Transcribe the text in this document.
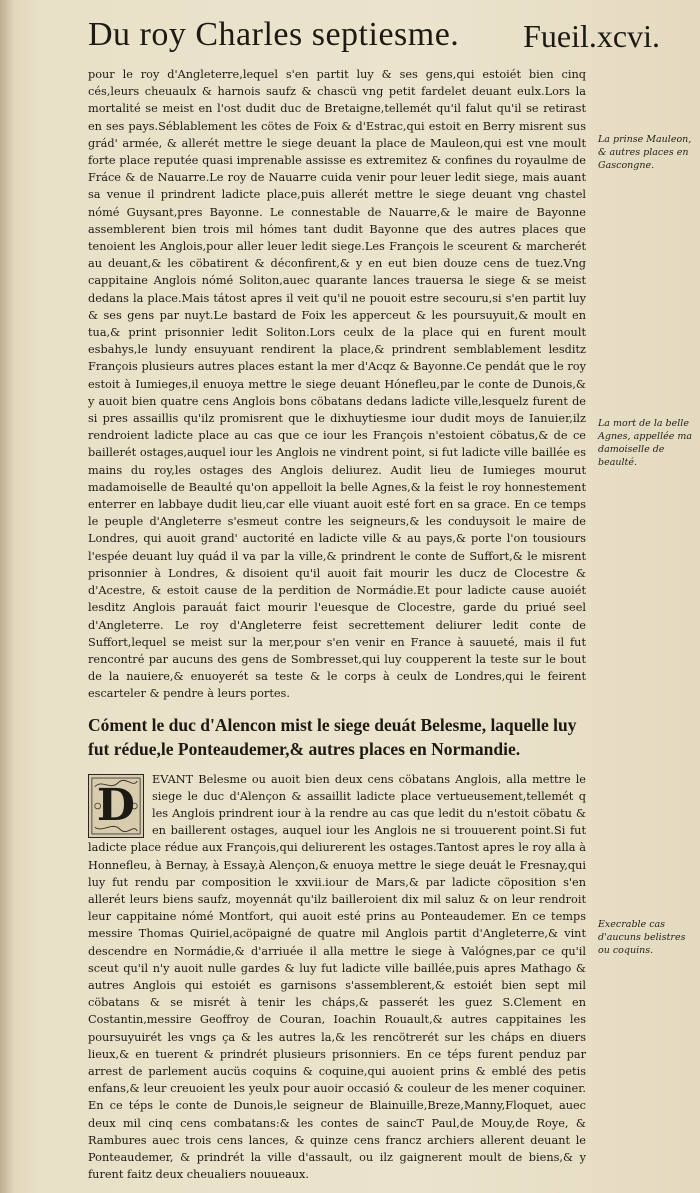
Du roy Charles septiesme. Fueil.xcvi.

pour le roy d'Angleterre,lequel s'en partit luy & ses gens,qui estoiét bien cinq cés,leurs cheuaulx & harnois saufz & chascü vng petit fardelet deuant eulx.Lors la mortalité se meist en l'ost dudit duc de Bretaigne,tellemét qu'il falut qu'il se retirast en ses pays.Séblablement les cötes de Foix & d'Estrac,qui estoit en Berry misrent sus grád' armée, & allerét mettre le siege deuant la place de Mauleon,qui est vne moult forte place reputée quasi imprenable assisse es extremitez & confines du royaulme de Fráce & de Nauarre.Le roy de Nauarre cuida venir pour leuer ledit siege, mais auant sa venue il prindrent ladicte place,puis allerét mettre le siege deuant vng chastel nómé Guysant,pres Bayonne. Le connestable de Nauarre,& le maire de Bayonne assemblerent bien trois mil hómes tant dudit Bayonne que des autres places que tenoient les Anglois,pour aller leuer ledit siege.Les François le sceurent & marcherét au deuant,& les cöbatirent & déconfirent,& y en eut bien douze cens de tuez.Vng cappitaine Anglois nómé Soliton,auec quarante lances trauersa le siege & se meist dedans la place.Mais tátost apres il veit qu'il ne pouoit estre secouru,si s'en partit luy & ses gens par nuyt.Le bastard de Foix les apperceut & les poursuyuit,& moult en tua,& print prisonnier ledit Soliton.Lors ceulx de la place qui en furent moult esbahys,le lundy ensuyuant rendirent la place,& prindrent semblablement lesditz François plusieurs autres places estant la mer d'Acqz & Bayonne.Ce pendát que le roy estoit à Iumieges,il enuoya mettre le siege deuant Hónefleu,par le conte de Dunois,& y auoit bien quatre cens Anglois bons cöbatans dedans ladicte ville,lesquelz furent de si pres assaillis qu'ilz promisrent que le dixhuytiesme iour dudit moys de Ianuier,ilz rendroient ladicte place au cas que ce iour les François n'estoient cöbatus,& de ce baillerét ostages,auquel iour les Anglois ne vindrent point, si fut ladicte ville baillée es mains du roy,les ostages des Anglois deliurez. Audit lieu de Iumieges mourut madamoiselle de Beaulté qu'on appelloit la belle Agnes,& la feist le roy honnestement enterrer en labbaye dudit lieu,car elle viuant auoit esté fort en sa grace. En ce temps le peuple d'Angleterre s'esmeut contre les seigneurs,& les conduysoit le maire de Londres, qui auoit grand' auctorité en ladicte ville & au pays,& porte l'on tousiours l'espée deuant luy quád il va par la ville,& prindrent le conte de Suffort,& le misrent prisonnier à Londres, & disoient qu'il auoit fait mourir les ducz de Clocestre & d'Acestre, & estoit cause de la perdition de Normádie.Et pour ladicte cause auoiét lesditz Anglois parauát faict mourir l'euesque de Clocestre, garde du priué seel d'Angleterre. Le roy d'Angleterre feist secrettement deliurer ledit conte de Suffort,lequel se meist sur la mer,pour s'en venir en France à sauueté, mais il fut rencontré par aucuns des gens de Sombresset,qui luy coupperent la teste sur le bout de la nauiere,& enuoyerét sa teste & le corps à ceulx de Londres,qui le feirent escarteler & pendre à leurs portes.

Cóment le duc d'Alencon mist le siege deuát Belesme, laquelle luy fut rédue,le Ponteaudemer,& autres places en Normandie.
D

EVANT Belesme ou auoit bien deux cens cöbatans Anglois, alla mettre le siege le duc d'Alençon & assaillit ladicte place vertueusement,tellemét q les Anglois prindrent iour à la rendre au cas que ledit du n'estoit cöbatu & en baillerent ostages, auquel iour les Anglois ne si trouuerent point.Si fut ladicte place rédue aux François,qui deliurerent les ostages.Tantost apres le roy alla à Honnefleu, à Bernay, à Essay,à Alençon,& enuoya mettre le siege deuát le Fresnay,qui luy fut rendu par composition le xxvii.iour de Mars,& par ladicte cöposition s'en allerét leurs biens saufz, moyennát qu'ilz bailleroient dix mil saluz & on leur rendroit leur cappitaine nómé Montfort, qui auoit esté prins au Ponteaudemer. En ce temps messire Thomas Quiriel,acöpaigné de quatre mil Anglois partit d'Angleterre,& vint descendre en Normádie,& d'arriuée il alla mettre le siege à Valógnes,par ce qu'il sceut qu'il n'y auoit nulle gardes & luy fut ladicte ville baillée,puis apres Mathago & autres Anglois qui estoiét es garnisons s'assemblerent,& estoiét bien sept mil cöbatans & se misrét à tenir les cháps,& passerét les guez S.Clement en Costantin,messire Geoffroy de Couran, Ioachin Rouault,& autres cappitaines les poursuyuirét les vngs ça & les autres la,& les rencötrerét sur les cháps en diuers lieux,& en tuerent & prindrét plusieurs prisonniers. En ce téps furent penduz par arrest de parlement aucüs coquins & coquine,qui auoient prins & emblé des petis enfans,& leur creuoient les yeulx pour auoir occasió & couleur de les mener coquiner. En ce téps le conte de Dunois,le seigneur de Blainuille,Breze,Manny,Floquet, auec deux mil cinq cens combatans:& les contes de saincT Paul,de Mouy,de Roye, & Rambures auec trois cens lances, & quinze cens francz archiers allerent deuant le Ponteaudemer, & prindrét la ville d'assault, ou ilz gaignerent moult de biens,& y furent faitz deux cheualiers nouueaux.

La prinse Mauleon, & autres places en Gascongne.
La mort de la belle Agnes, appellée ma damoiselle de beaulté.
Execrable cas d'aucuns belistres ou coquins.
